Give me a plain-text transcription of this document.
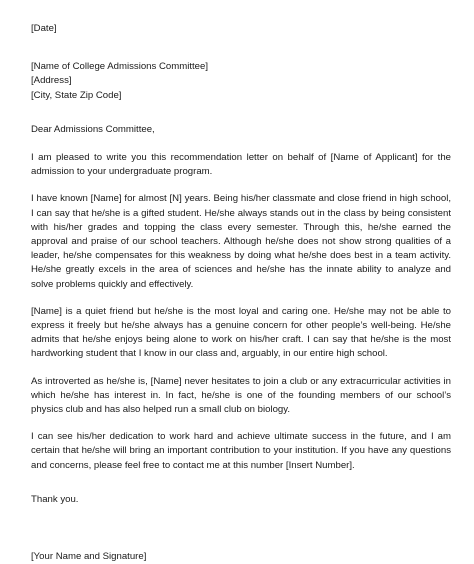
[Date]
[Name of College Admissions Committee]
[Address]
[City, State Zip Code]
Dear Admissions Committee,

I am pleased to write you this recommendation letter on behalf of [Name of Applicant] for the admission to your undergraduate program.

I have known [Name] for almost [N] years. Being his/her classmate and close friend in high school, I can say that he/she is a gifted student. He/she always stands out in the class by being consistent with his/her grades and topping the class every semester. Through this, he/she earned the approval and praise of our school teachers. Although he/she does not show strong qualities of a leader, he/she compensates for this weakness by doing what he/she does best in a team activity. He/she greatly excels in the area of sciences and he/she has the innate ability to analyze and solve problems quickly and effectively.

[Name] is a quiet friend but he/she is the most loyal and caring one. He/she may not be able to express it freely but he/she always has a genuine concern for other people’s well-being. He/she admits that he/she enjoys being alone to work on his/her craft. I can say that he/she is the most hardworking student that I know in our class and, arguably, in our entire high school.

As introverted as he/she is, [Name] never hesitates to join a club or any extracurricular activities in which he/she has interest in. In fact, he/she is one of the founding members of our school’s physics club and has also helped run a small club on biology.

I can see his/her dedication to work hard and achieve ultimate success in the future, and I am certain that he/she will bring an important contribution to your institution. If you have any questions and concerns, please feel free to contact me at this number [Insert Number].

Thank you.
[Your Name and Signature]
